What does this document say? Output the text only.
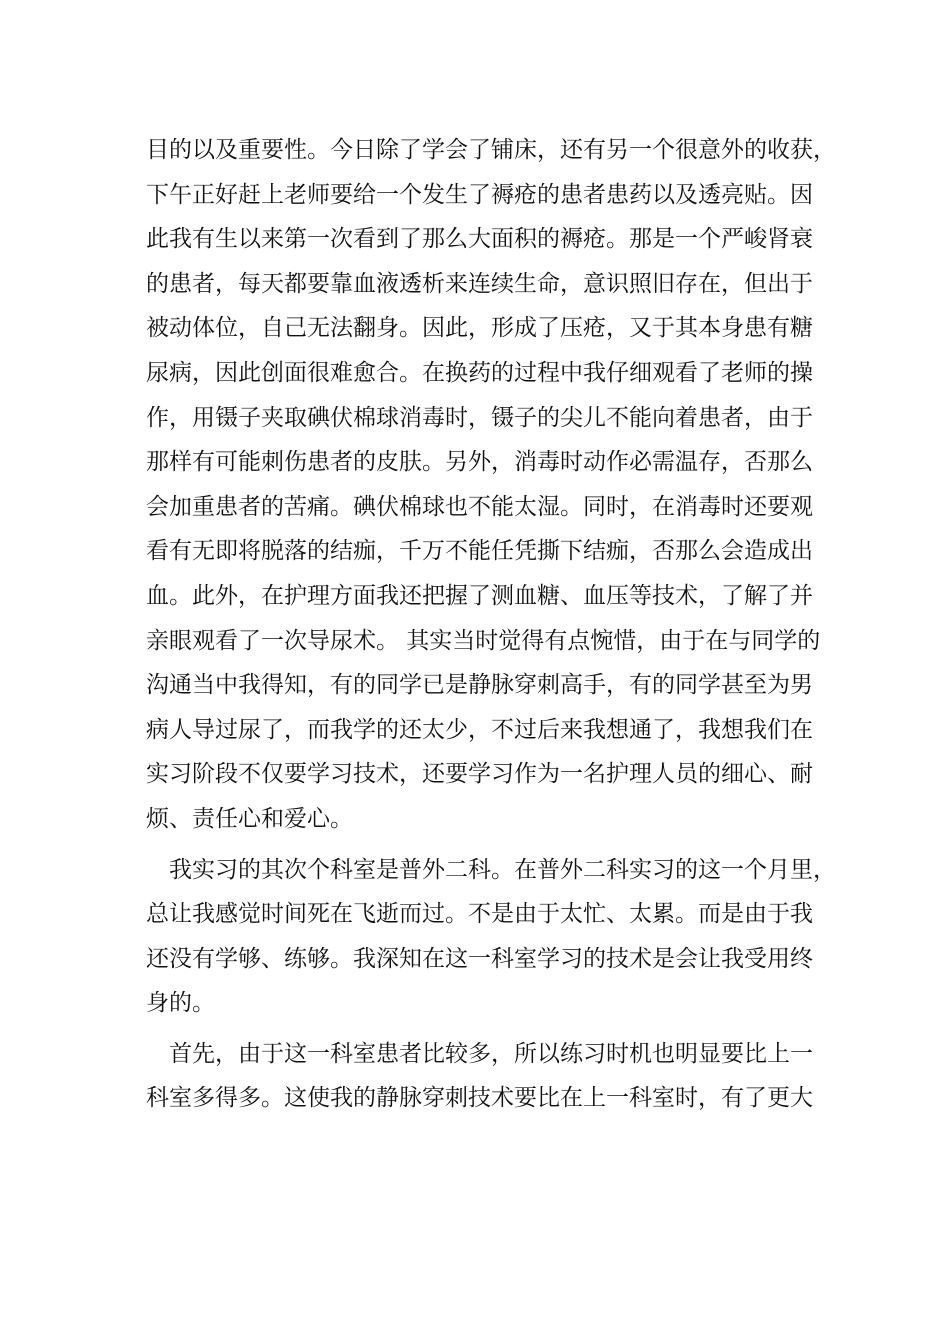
目的以及重要性。今日除了学会了铺床，还有另一个很意外的收获，
下午正好赶上老师要给一个发生了褥疮的患者患药以及透亮贴。因
此我有生以来第一次看到了那么大面积的褥疮。那是一个严峻肾衰
的患者，每天都要靠血液透析来连续生命，意识照旧存在，但出于
被动体位，自己无法翻身。因此，形成了压疮，又于其本身患有糖
尿病，因此创面很难愈合。在换药的过程中我仔细观看了老师的操
作，用镊子夹取碘伏棉球消毒时，镊子的尖儿不能向着患者，由于
那样有可能刺伤患者的皮肤。另外，消毒时动作必需温存，否那么
会加重患者的苦痛。碘伏棉球也不能太湿。同时，在消毒时还要观
看有无即将脱落的结痂，千万不能任凭撕下结痂，否那么会造成出
血。此外，在护理方面我还把握了测血糖、血压等技术，了解了并
亲眼观看了一次导尿术。 其实当时觉得有点惋惜，由于在与同学的
沟通当中我得知，有的同学已是静脉穿刺高手，有的同学甚至为男
病人导过尿了，而我学的还太少，不过后来我想通了，我想我们在
实习阶段不仅要学习技术，还要学习作为一名护理人员的细心、耐
烦、责任心和爱心。
我实习的其次个科室是普外二科。在普外二科实习的这一个月里，
总让我感觉时间死在飞逝而过。不是由于太忙、太累。而是由于我
还没有学够、练够。我深知在这一科室学习的技术是会让我受用终
身的。
首先，由于这一科室患者比较多，所以练习时机也明显要比上一
科室多得多。这使我的静脉穿刺技术要比在上一科室时，有了更大
